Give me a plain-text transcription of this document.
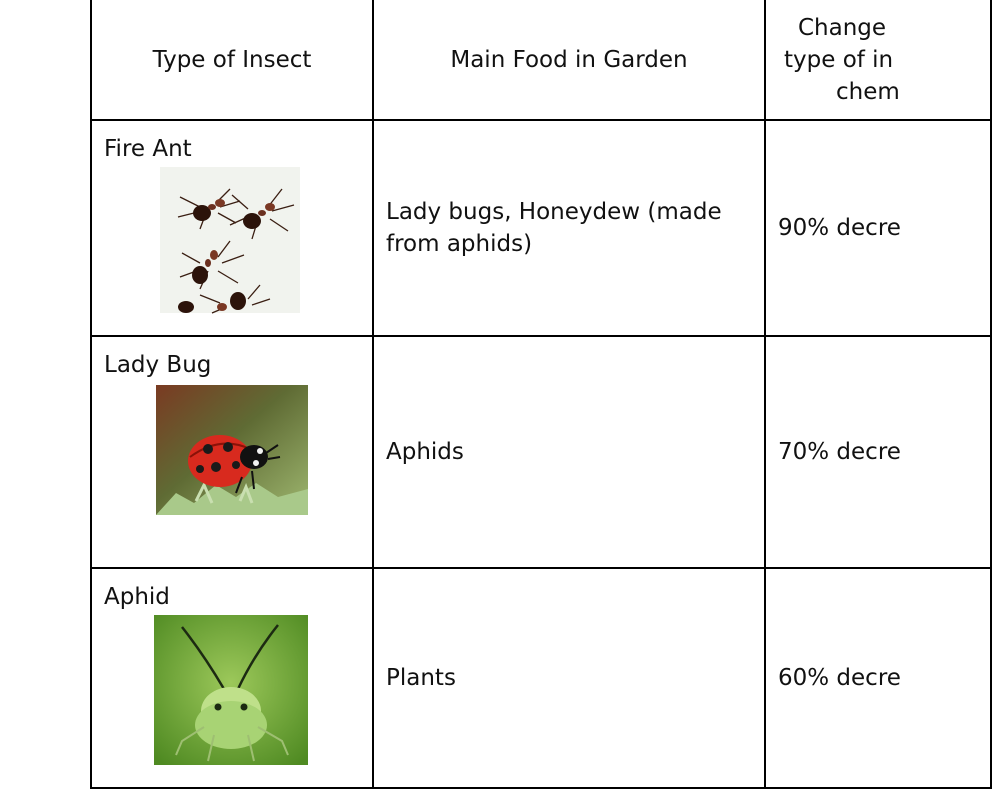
Type of Insect	Main Food in Garden	Change
type of in
chem

Fire Ant	Lady bugs, Honeydew (made from aphids)	90% decre

Lady Bug	Aphids	70% decre

Aphid	Plants	60% decre
